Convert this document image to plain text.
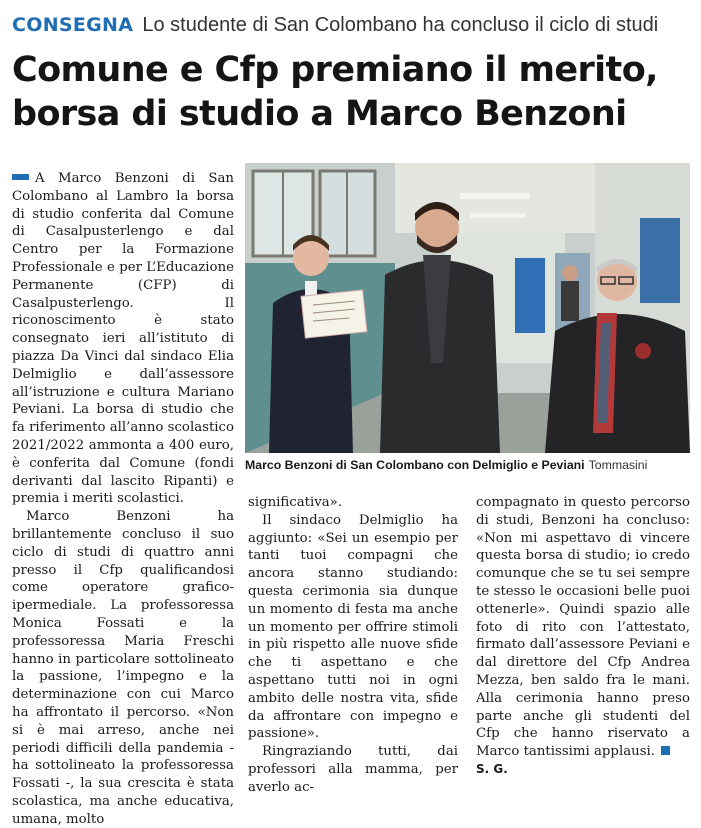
CONSEGNA Lo studente di San Colombano ha concluso il ciclo di studi
Comune e Cfp premiano il merito,
borsa di studio a Marco Benzoni

A Marco Benzoni di San Colombano al Lambro la borsa di studio conferita dal Comune di Casalpusterlengo e dal Centro per la Formazione Professionale e per L’Educazione Permanente (CFP) di Casalpusterlengo. Il riconoscimento è stato consegnato ieri all’istituto di piazza Da Vinci dal sindaco Elia Delmiglio e dall’assessore all’istruzione e cultura Mariano Peviani. La borsa di studio che fa riferimento all’anno scolastico 2021/2022 ammonta a 400 euro, è conferita dal Comune (fondi derivanti dal lascito Ripanti) e premia i meriti scolastici.

Marco Benzoni ha brillantemente concluso il suo ciclo di studi di quattro anni presso il Cfp qualificandosi come operatore grafico-ipermediale. La professoressa Monica Fossati e la professoressa Maria Freschi hanno in particolare sottolineato la passione, l’impegno e la determinazione con cui Marco ha affrontato il percorso. «Non si è mai arreso, anche nei periodi difficili della pandemia - ha sottolineato la professoressa Fossati -, la sua crescita è stata scolastica, ma anche educativa, umana, molto

Marco Benzoni di San Colombano con Delmiglio e Peviani Tommasini

significativa».

Il sindaco Delmiglio ha aggiunto: «Sei un esempio per tanti tuoi compagni che ancora stanno studiando: questa cerimonia sia dunque un momento di festa ma anche un momento per offrire stimoli in più rispetto alle nuove sfide che ti aspettano e che aspettano tutti noi in ogni ambito delle nostra vita, sfide da affrontare con impegno e passione».

Ringraziando tutti, dai professori alla mamma, per averlo ac-

compagnato in questo percorso di studi, Benzoni ha concluso: «Non mi aspettavo di vincere questa borsa di studio; io credo comunque che se tu sei sempre te stesso le occasioni belle puoi ottenerle». Quindi spazio alle foto di rito con l’attestato, firmato dall’assessore Peviani e dal direttore del Cfp Andrea Mezza, ben saldo fra le mani. Alla cerimonia hanno preso parte anche gli studenti del Cfp che hanno riservato a Marco tantissimi applausi.

S. G.
